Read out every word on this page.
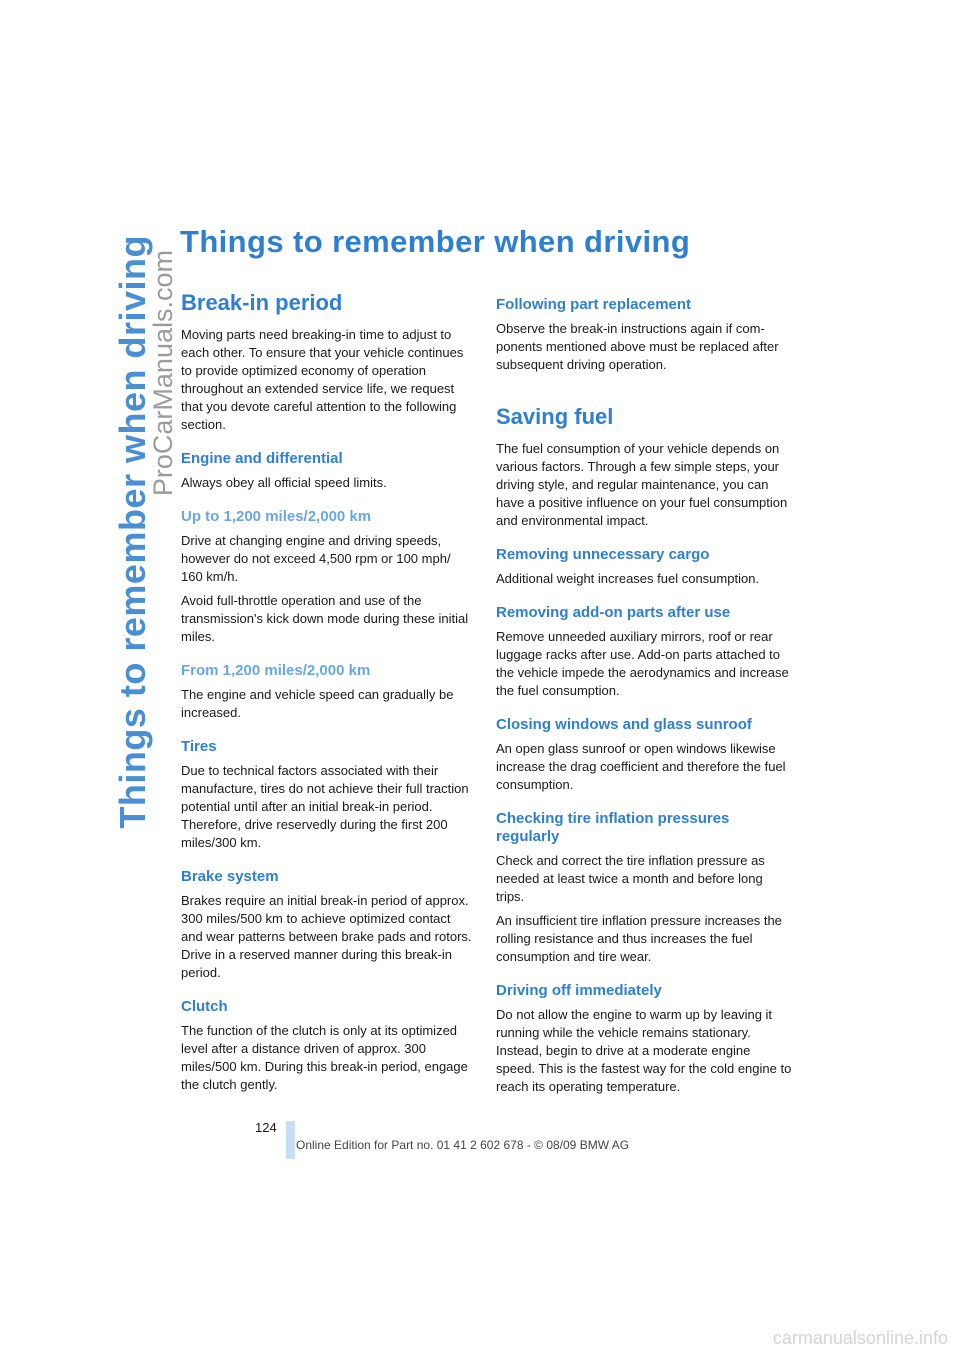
Things to remember when driving
ProCarManuals.com
Things to remember when driving
Break-in period

Moving parts need breaking-in time to adjust to each other. To ensure that your vehicle continues to provide optimized economy of operation throughout an extended service life, we request that you devote careful attention to the following section.

Engine and differential

Always obey all official speed limits.

Up to 1,200 miles/2,000 km

Drive at changing engine and driving speeds, however do not exceed 4,500 rpm or 100 mph/ 160 km/h.

Avoid full-throttle operation and use of the transmission's kick down mode during these initial miles.

From 1,200 miles/2,000 km

The engine and vehicle speed can gradually be increased.

Tires

Due to technical factors associated with their manufacture, tires do not achieve their full traction potential until after an initial break-in period. Therefore, drive reservedly during the first 200 miles/300 km.

Brake system

Brakes require an initial break-in period of approx. 300 miles/500 km to achieve optimized contact and wear patterns between brake pads and rotors. Drive in a reserved manner during this break-in period.

Clutch

The function of the clutch is only at its optimized level after a distance driven of approx. 300 miles/500 km. During this break-in period, engage the clutch gently.

Following part replacement

Observe the break-in instructions again if components mentioned above must be replaced after subsequent driving operation.

Saving fuel

The fuel consumption of your vehicle depends on various factors. Through a few simple steps, your driving style, and regular maintenance, you can have a positive influence on your fuel consumption and environmental impact.

Removing unnecessary cargo

Additional weight increases fuel consumption.

Removing add-on parts after use

Remove unneeded auxiliary mirrors, roof or rear luggage racks after use. Add-on parts attached to the vehicle impede the aerodynamics and increase the fuel consumption.

Closing windows and glass sunroof

An open glass sunroof or open windows likewise increase the drag coefficient and therefore the fuel consumption.

Checking tire inflation pressures regularly

Check and correct the tire inflation pressure as needed at least twice a month and before long trips.

An insufficient tire inflation pressure increases the rolling resistance and thus increases the fuel consumption and tire wear.

Driving off immediately

Do not allow the engine to warm up by leaving it running while the vehicle remains stationary. Instead, begin to drive at a moderate engine speed. This is the fastest way for the cold engine to reach its operating temperature.

124
Online Edition for Part no. 01 41 2 602 678 - © 08/09 BMW AG
carmanualsonline.info
